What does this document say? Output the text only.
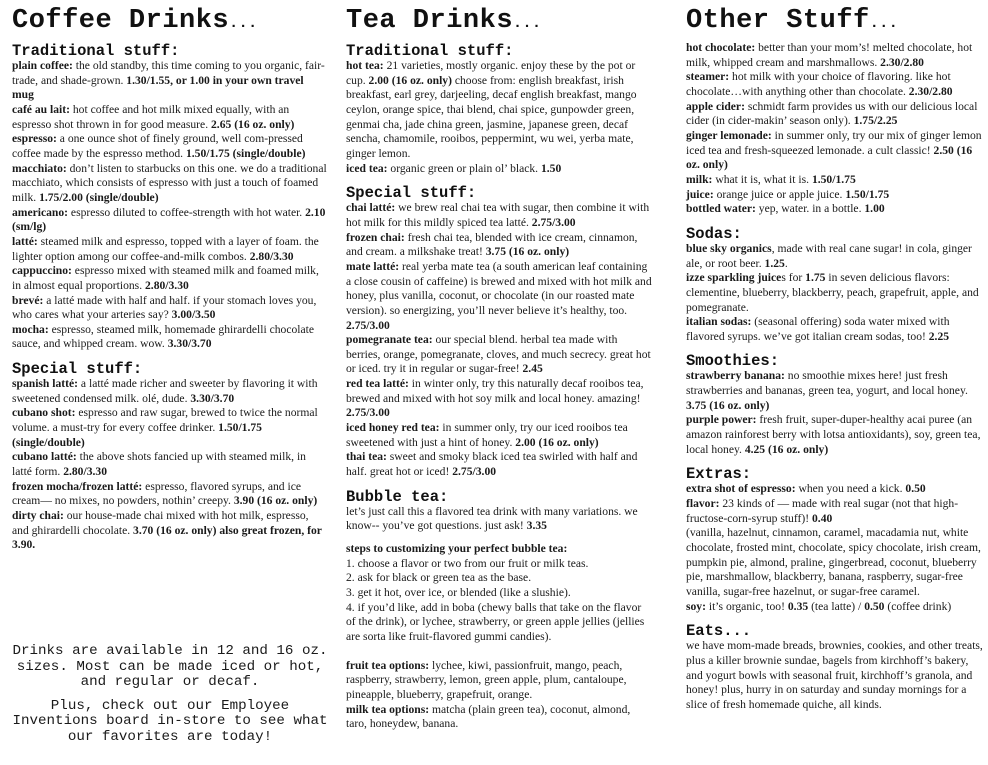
Coffee Drinks...
Traditional stuff:
plain coffee: the old standby, this time coming to you organic, fair-trade, and shade-grown. 1.30/1.55, or 1.00 in your own travel mug
café au lait: hot coffee and hot milk mixed equally, with an espresso shot thrown in for good measure. 2.65 (16 oz. only)
espresso: a one ounce shot of finely ground, well com-pressed coffee made by the espresso method. 1.50/1.75 (single/double)
macchiato: don’t listen to starbucks on this one. we do a traditional macchiato, which consists of espresso with just a touch of foamed milk. 1.75/2.00 (single/double)
americano: espresso diluted to coffee-strength with hot water. 2.10 (sm/lg)
latté: steamed milk and espresso, topped with a layer of foam. the lighter option among our coffee-and-milk combos. 2.80/3.30
cappuccino: espresso mixed with steamed milk and foamed milk, in almost equal proportions. 2.80/3.30
brevé: a latté made with half and half. if your stomach loves you, who cares what your arteries say? 3.00/3.50
mocha: espresso, steamed milk, homemade ghirardelli chocolate sauce, and whipped cream. wow. 3.30/3.70
Special stuff:
spanish latté: a latté made richer and sweeter by flavoring it with sweetened condensed milk. olé, dude. 3.30/3.70
cubano shot: espresso and raw sugar, brewed to twice the normal volume. a must-try for every coffee drinker. 1.50/1.75 (single/double)
cubano latté: the above shots fancied up with steamed milk, in latté form. 2.80/3.30
frozen mocha/frozen latté: espresso, flavored syrups, and ice cream— no mixes, no powders, nothin’ creepy. 3.90 (16 oz. only)
dirty chai: our house-made chai mixed with hot milk, espresso, and ghirardelli chocolate. 3.70 (16 oz. only) also great frozen, for 3.90.

Drinks are available in 12 and 16 oz. sizes. Most can be made iced or hot, and regular or decaf.

Plus, check out our Employee Inventions board in-store to see what our favorites are today!

Tea Drinks...
Traditional stuff:
hot tea: 21 varieties, mostly organic. enjoy these by the pot or cup. 2.00 (16 oz. only) choose from: english breakfast, irish breakfast, earl grey, darjeeling, decaf english breakfast, mango ceylon, orange spice, thai blend, chai spice, gunpowder green, genmai cha, jade china green, jasmine, japanese green, decaf sencha, chamomile, rooibos, peppermint, wu wei, yerba mate, ginger lemon.
iced tea: organic green or plain ol’ black. 1.50
Special stuff:
chai latté: we brew real chai tea with sugar, then combine it with hot milk for this mildly spiced tea latté. 2.75/3.00
frozen chai: fresh chai tea, blended with ice cream, cinnamon, and cream. a milkshake treat! 3.75 (16 oz. only)
mate latté: real yerba mate tea (a south american leaf containing a close cousin of caffeine) is brewed and mixed with hot milk and honey, plus vanilla, coconut, or chocolate (in our roasted mate version). so energizing, you’ll never believe it’s healthy, too. 2.75/3.00
pomegranate tea: our special blend. herbal tea made with berries, orange, pomegranate, cloves, and much secrecy. great hot or iced. try it in regular or sugar-free! 2.45
red tea latté: in winter only, try this naturally decaf rooibos tea, brewed and mixed with hot soy milk and local honey. amazing! 2.75/3.00
iced honey red tea: in summer only, try our iced rooibos tea sweetened with just a hint of honey. 2.00 (16 oz. only)
thai tea: sweet and smoky black iced tea swirled with half and half. great hot or iced! 2.75/3.00
Bubble tea:
let’s just call this a flavored tea drink with many variations. we know-- you’ve got questions. just ask! 3.35
steps to customizing your perfect bubble tea:
1. choose a flavor or two from our fruit or milk teas.
2. ask for black or green tea as the base.
3. get it hot, over ice, or blended (like a slushie).
4. if you’d like, add in boba (chewy balls that take on the flavor of the drink), or lychee, strawberry, or green apple jellies (jellies are sorta like fruit-flavored gummi candies).
fruit tea options: lychee, kiwi, passionfruit, mango, peach, raspberry, strawberry, lemon, green apple, plum, cantaloupe, pineapple, blueberry, grapefruit, orange.
milk tea options: matcha (plain green tea), coconut, almond, taro, honeydew, banana.
Other Stuff...
hot chocolate: better than your mom’s! melted chocolate, hot milk, whipped cream and marshmallows. 2.30/2.80
steamer: hot milk with your choice of flavoring. like hot chocolate…with anything other than chocolate. 2.30/2.80
apple cider: schmidt farm provides us with our delicious local cider (in cider-makin’ season only). 1.75/2.25
ginger lemonade: in summer only, try our mix of ginger lemon iced tea and fresh-squeezed lemonade. a cult classic! 2.50 (16 oz. only)
milk: what it is, what it is. 1.50/1.75
juice: orange juice or apple juice. 1.50/1.75
bottled water: yep, water. in a bottle. 1.00
Sodas:
blue sky organics, made with real cane sugar! in cola, ginger ale, or root beer. 1.25.
izze sparkling juices for 1.75 in seven delicious flavors: clementine, blueberry, blackberry, peach, grapefruit, apple, and pomegranate.
italian sodas: (seasonal offering) soda water mixed with flavored syrups. we’ve got italian cream sodas, too! 2.25
Smoothies:
strawberry banana: no smoothie mixes here! just fresh strawberries and bananas, green tea, yogurt, and local honey. 3.75 (16 oz. only)
purple power: fresh fruit, super-duper-healthy acai puree (an amazon rainforest berry with lotsa antioxidants), soy, green tea, local honey. 4.25 (16 oz. only)
Extras:
extra shot of espresso: when you need a kick. 0.50
flavor: 23 kinds of — made with real sugar (not that high-fructose-corn-syrup stuff)! 0.40
(vanilla, hazelnut, cinnamon, caramel, macadamia nut, white chocolate, frosted mint, chocolate, spicy chocolate, irish cream, pumpkin pie, almond, praline, gingerbread, coconut, blueberry pie, marshmallow, blackberry, banana, raspberry, sugar-free vanilla, sugar-free hazelnut, or sugar-free caramel.
soy: it’s organic, too! 0.35 (tea latte) / 0.50 (coffee drink)
Eats...
we have mom-made breads, brownies, cookies, and other treats, plus a killer brownie sundae, bagels from kirchhoff’s bakery, and yogurt bowls with seasonal fruit, kirchhoff’s granola, and honey! plus, hurry in on saturday and sunday mornings for a slice of fresh homemade quiche, all kinds.
